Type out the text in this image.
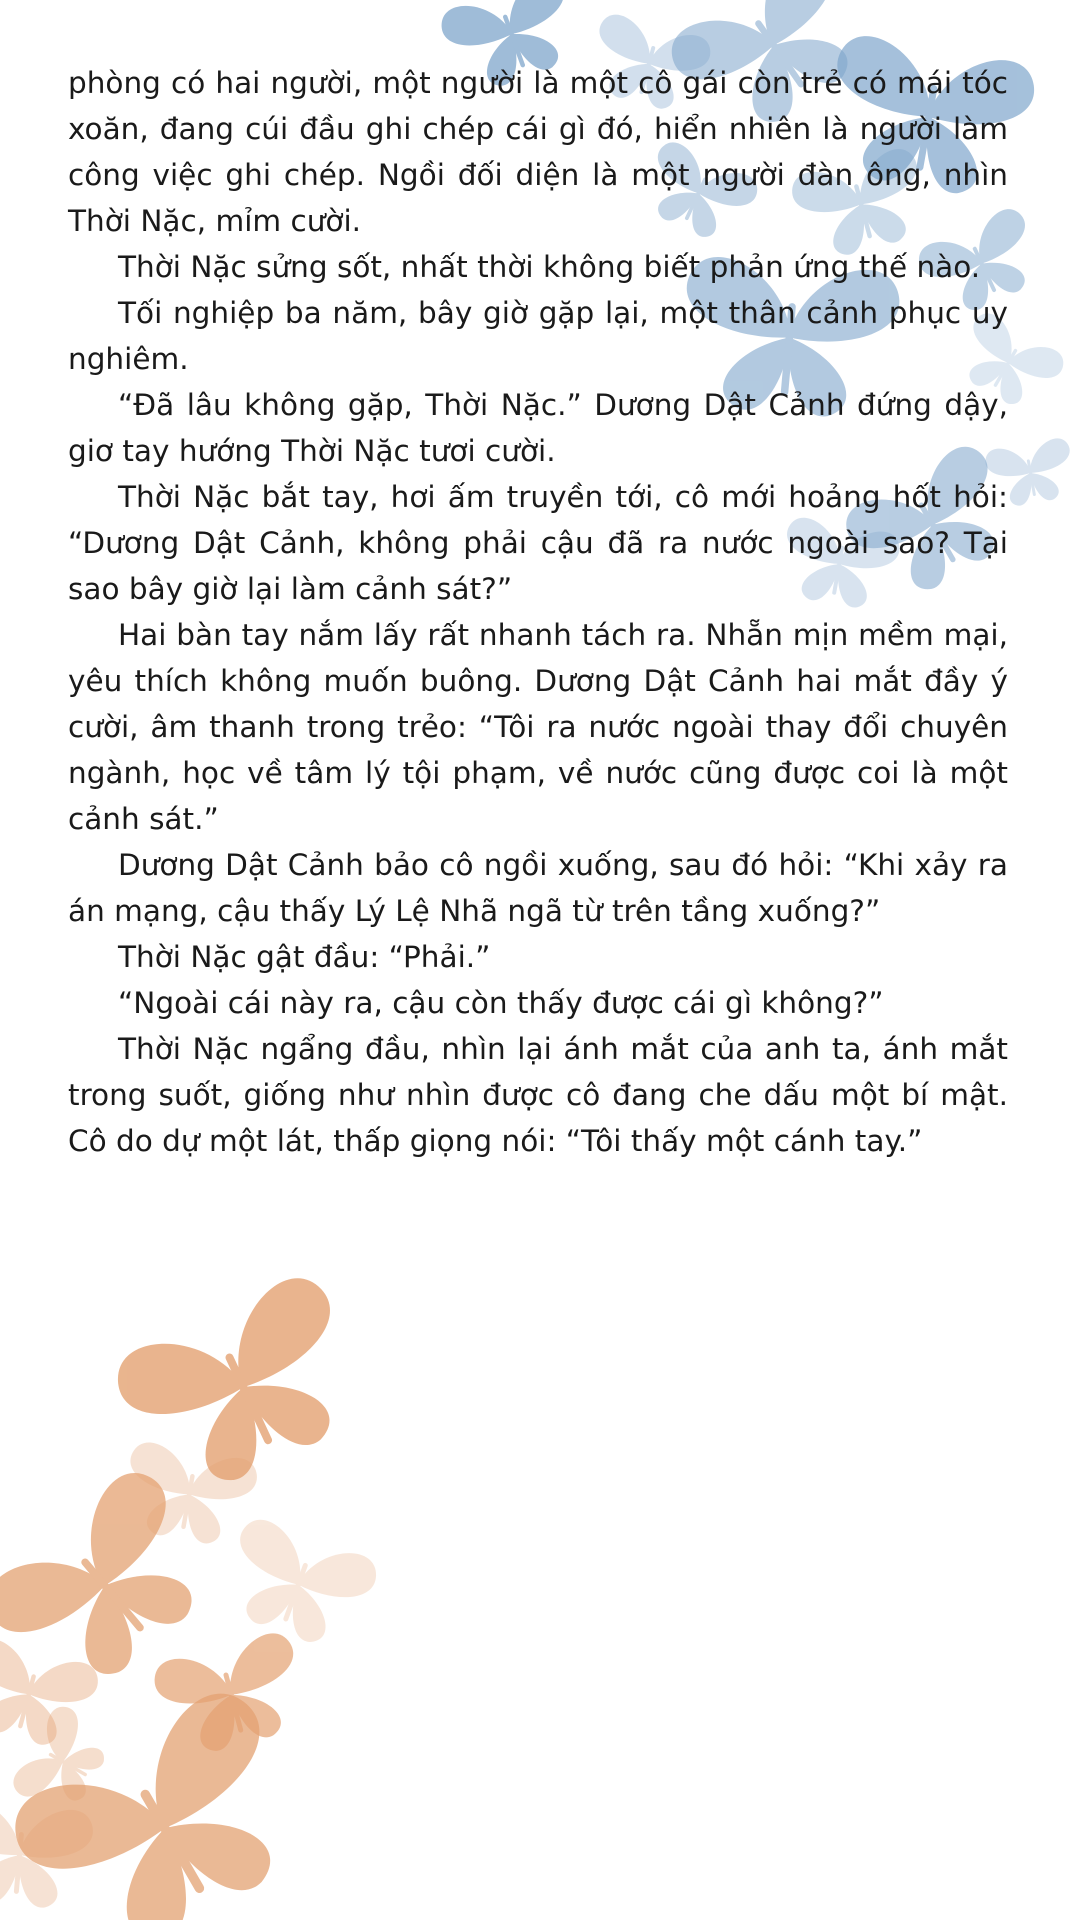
phòng có hai người, một người là một cô gái còn trẻ có mái tóc xoăn, đang cúi đầu ghi chép cái gì đó, hiển nhiên là người làm công việc ghi chép. Ngồi đối diện là một người đàn ông, nhìn Thời Nặc, mỉm cười.

Thời Nặc sửng sốt, nhất thời không biết phản ứng thế nào.

Tối nghiệp ba năm, bây giờ gặp lại, một thân cảnh phục uy nghiêm.

“Đã lâu không gặp, Thời Nặc.” Dương Dật Cảnh đứng dậy, giơ tay hướng Thời Nặc tươi cười.

Thời Nặc bắt tay, hơi ấm truyền tới, cô mới hoảng hốt hỏi: “Dương Dật Cảnh, không phải cậu đã ra nước ngoài sao? Tại sao bây giờ lại làm cảnh sát?”

Hai bàn tay nắm lấy rất nhanh tách ra. Nhẵn mịn mềm mại, yêu thích không muốn buông. Dương Dật Cảnh hai mắt đầy ý cười, âm thanh trong trẻo: “Tôi ra nước ngoài thay đổi chuyên ngành, học về tâm lý tội phạm, về nước cũng được coi là một cảnh sát.”

Dương Dật Cảnh bảo cô ngồi xuống, sau đó hỏi: “Khi xảy ra án mạng, cậu thấy Lý Lệ Nhã ngã từ trên tầng xuống?”

Thời Nặc gật đầu: “Phải.”

“Ngoài cái này ra, cậu còn thấy được cái gì không?”

Thời Nặc ngẩng đầu, nhìn lại ánh mắt của anh ta, ánh mắt trong suốt, giống như nhìn được cô đang che dấu một bí mật. Cô do dự một lát, thấp giọng nói: “Tôi thấy một cánh tay.”
